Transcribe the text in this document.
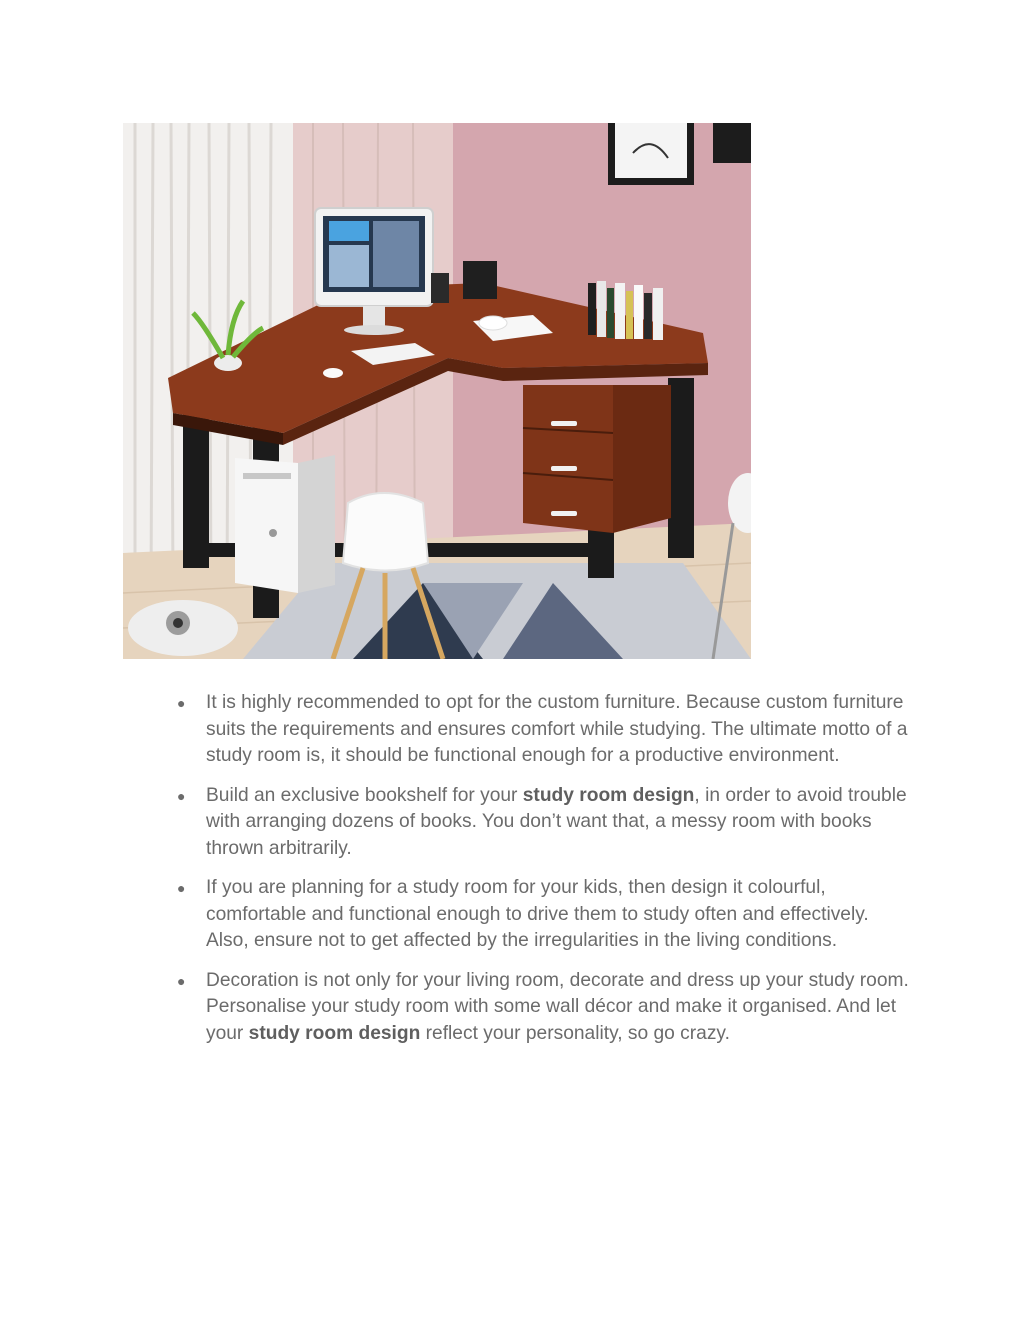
● It is highly recommended to opt for the custom furniture. Because custom furniture suits the requirements and ensures comfort while studying. The ultimate motto of a study room is, it should be functional enough for a productive environment.
● Build an exclusive bookshelf for your study room design, in order to avoid trouble with arranging dozens of books. You don’t want that, a messy room with books thrown arbitrarily.
● If you are planning for a study room for your kids, then design it colourful, comfortable and functional enough to drive them to study often and effectively. Also, ensure not to get affected by the irregularities in the living conditions.
● Decoration is not only for your living room, decorate and dress up your study room. Personalise your study room with some wall décor and make it organised. And let your study room design reflect your personality, so go crazy.
